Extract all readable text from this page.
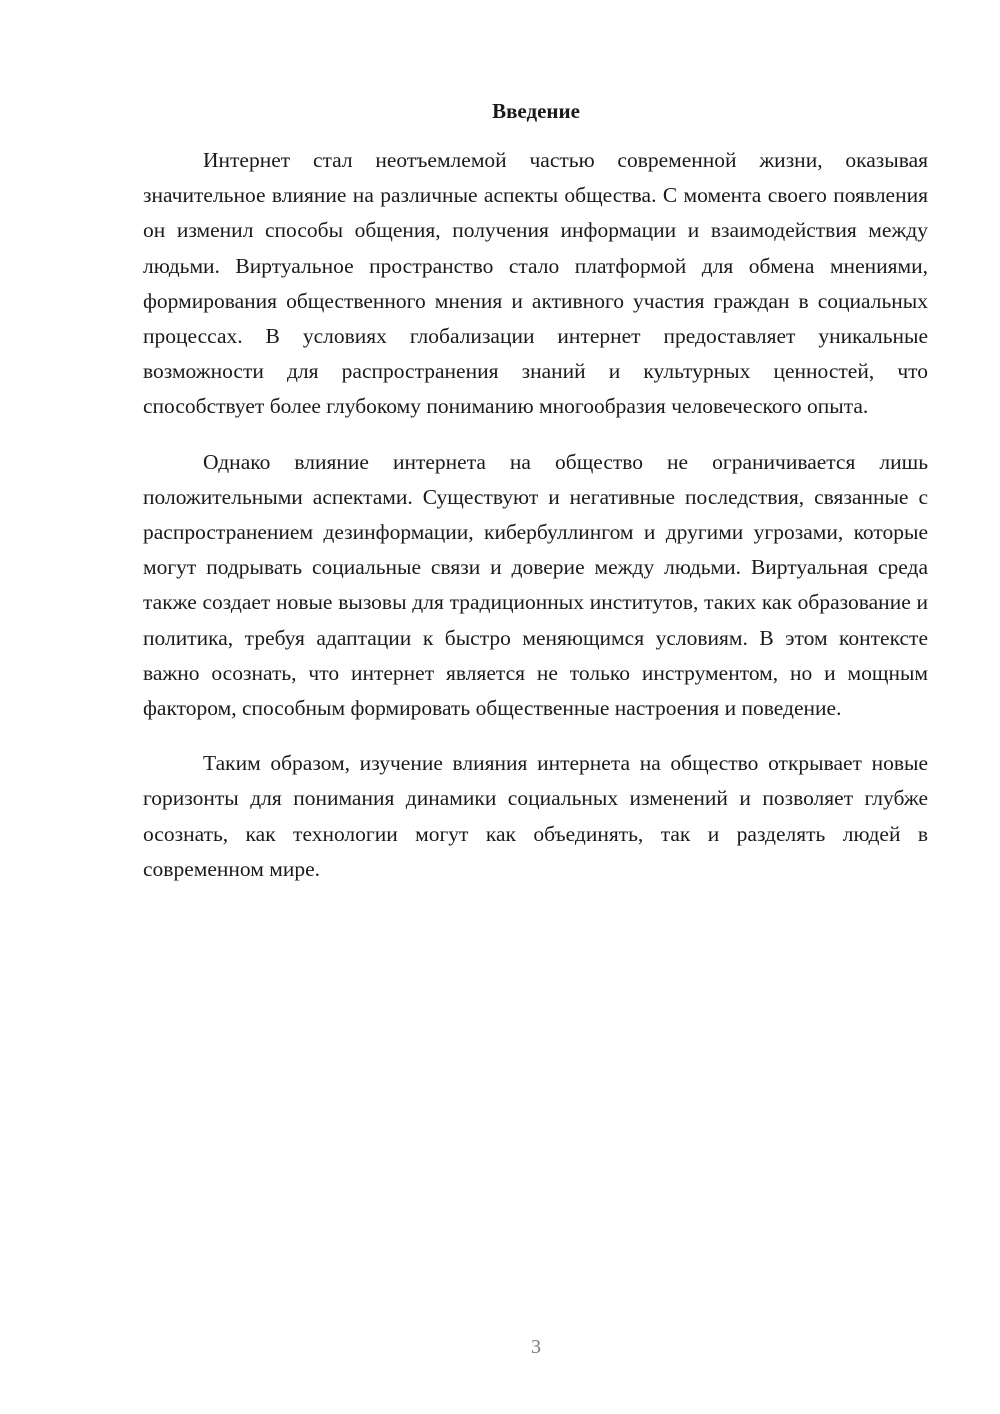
Введение

Интернет стал неотъемлемой частью современной жизни, оказывая значительное влияние на различные аспекты общества. С момента своего появления он изменил способы общения, получения информации и взаимодействия между людьми. Виртуальное пространство стало платформой для обмена мнениями, формирования общественного мнения и активного участия граждан в социальных процессах. В условиях глобализации интернет предоставляет уникальные возможности для распространения знаний и культурных ценностей, что способствует более глубокому пониманию многообразия человеческого опыта.

Однако влияние интернета на общество не ограничивается лишь положительными аспектами. Существуют и негативные последствия, связанные с распространением дезинформации, кибербуллингом и другими угрозами, которые могут подрывать социальные связи и доверие между людьми. Виртуальная среда также создает новые вызовы для традиционных институтов, таких как образование и политика, требуя адаптации к быстро меняющимся условиям. В этом контексте важно осознать, что интернет является не только инструментом, но и мощным фактором, способным формировать общественные настроения и поведение.

Таким образом, изучение влияния интернета на общество открывает новые горизонты для понимания динамики социальных изменений и позволяет глубже осознать, как технологии могут как объединять, так и разделять людей в современном мире.

3
